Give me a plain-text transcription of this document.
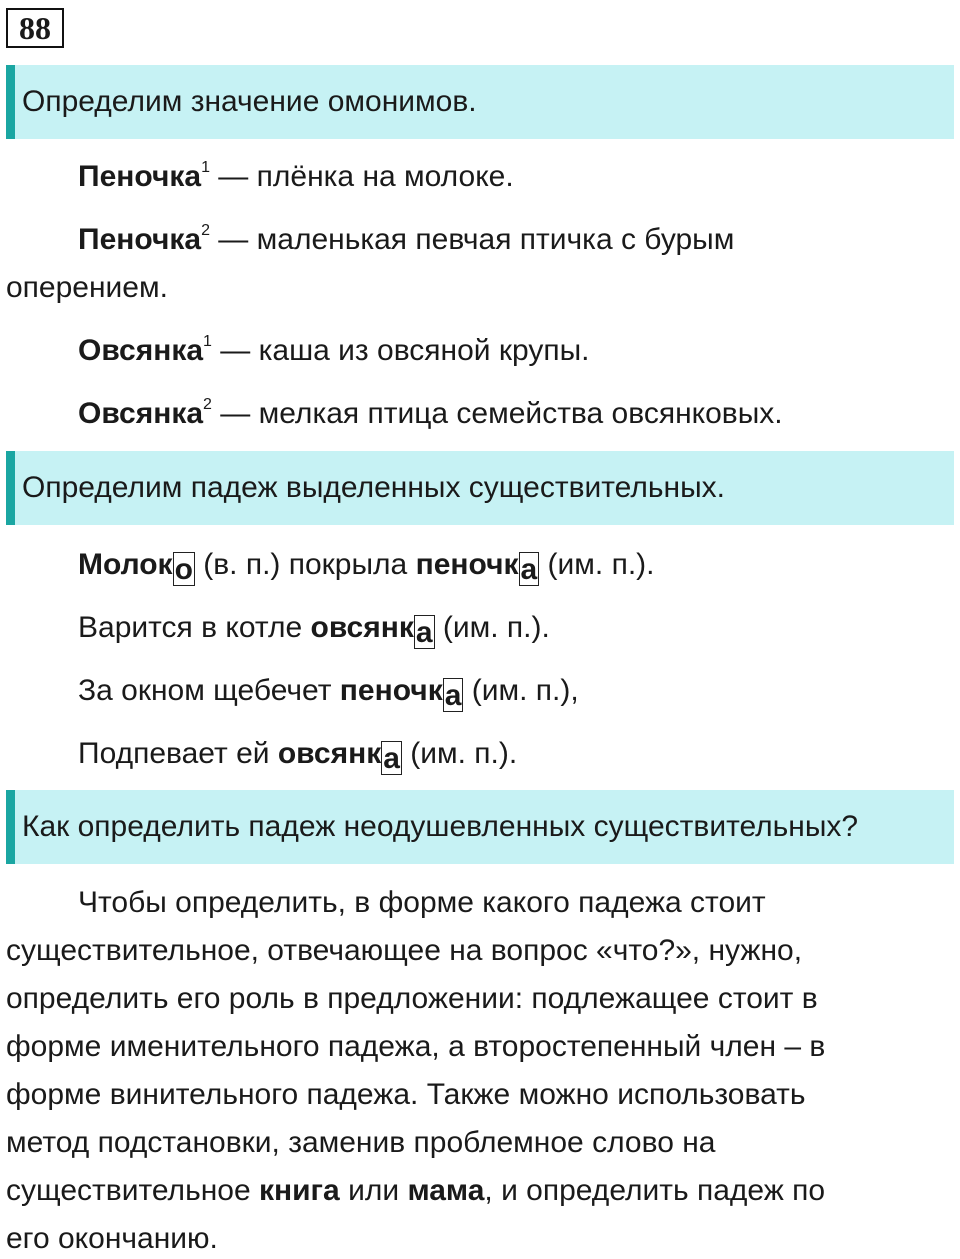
88
Определим значение омонимов.
Пеночка$^1$ — плёнка на молоке.
Пеночка$^2$ — маленькая певчая птичка с бурым
оперением.
Овсянка$^1$ — каша из овсяной крупы.
Овсянка$^2$ — мелкая птица семейства овсянковых.
Определим падеж выделенных существительных.
Молоко (в. п.) покрыла пеночка (им. п.).
Варится в котле овсянка (им. п.).
За окном щебечет пеночка (им. п.),
Подпевает ей овсянка (им. п.).
Как определить падеж неодушевленных существительных?
Чтобы определить, в форме какого падежа стоит
существительное, отвечающее на вопрос «что?», нужно,
определить его роль в предложении: подлежащее стоит в
форме именительного падежа, а второстепенный член – в
форме винительного падежа. Также можно использовать
метод подстановки, заменив проблемное слово на
существительное книга или мама, и определить падеж по
его окончанию.
